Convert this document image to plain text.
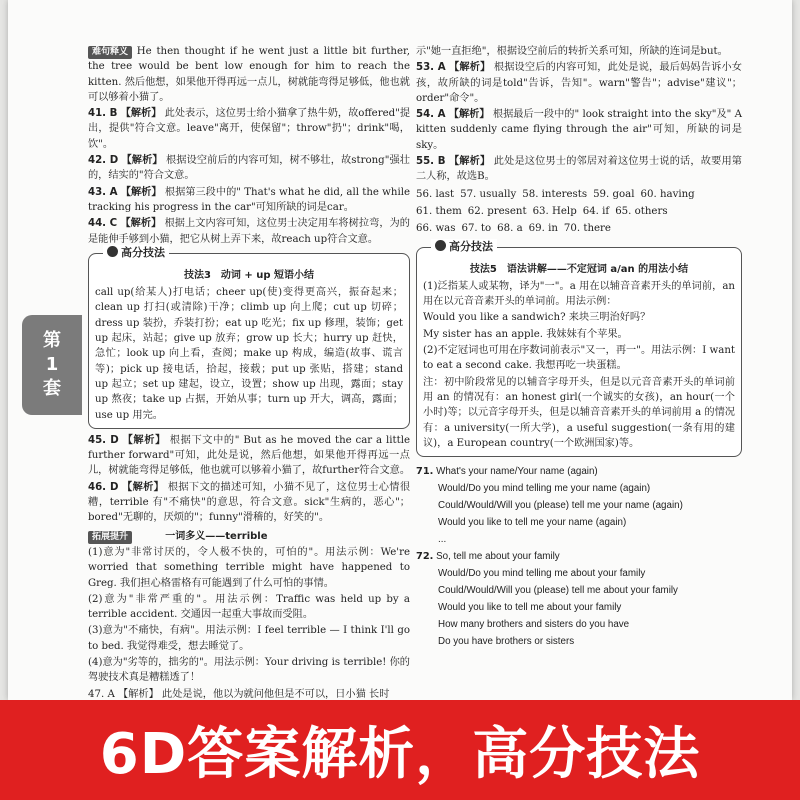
第
1
套

难句释义 He then thought if he went just a little bit further, the tree would be bent low enough for him to reach the kitten. 然后他想，如果他开得再远一点儿，树就能弯得足够低，他也就可以够着小猫了。

41. B 【解析】 此处表示，这位男士给小猫拿了热牛奶，故offered"提出，提供"符合文意。leave"离开，使保留"；throw"扔"；drink"喝，饮"。

42. D 【解析】 根据设空前后的内容可知，树不够壮，故strong"强壮的，结实的"符合文意。

43. A 【解析】 根据第三段中的" That's what he did, all the while tracking his progress in the car"可知所缺的词是car。

44. C 【解析】 根据上文内容可知，这位男士决定用车将树拉弯，为的是能伸手够到小猫，把它从树上弄下来，故reach up符合文意。

高分技法
技法3　动词 + up 短语小结

call up(给某人)打电话；cheer up(使)变得更高兴，振奋起来；clean up 打扫(或清除)干净；climb up 向上爬；cut up 切碎；dress up 装扮，乔装打扮；eat up 吃光；fix up 修理，装饰；get up 起床，站起；give up 放弃；grow up 长大；hurry up 赶快，急忙；look up 向上看，查阅；make up 构成，编造(故事、谎言等)；pick up 接电话，拾起，接载；put up 张贴，搭建；stand up 起立；set up 建起，设立，设置；show up 出现，露面；stay up 熬夜；take up 占据，开始从事；turn up 开大，调高，露面；use up 用完。

45. D 【解析】 根据下文中的" But as he moved the car a little further forward"可知，此处是说，然后他想，如果他开得再远一点儿，树就能弯得足够低，他也就可以够着小猫了，故further符合文意。

46. D 【解析】 根据下文的描述可知，小猫不见了，这位男士心情很糟，terrible 有"不痛快"的意思，符合文意。sick"生病的，恶心"；bored"无聊的，厌烦的"；funny"滑稽的，好笑的"。

拓展提升	一词多义——terrible

(1)意为"非常讨厌的，令人极不快的，可怕的"。用法示例：We're worried that something terrible might have happened to Greg. 我们担心格雷格有可能遇到了什么可怕的事情。

(2)意为"非常严重的"。用法示例：Traffic was held up by a terrible accident. 交通因一起重大事故而受阻。

(3)意为"不痛快，有病"。用法示例：I feel terrible — I think I'll go to bed. 我觉得难受，想去睡觉了。

(4)意为"劣等的，拙劣的"。用法示例：Your driving is terrible! 你的驾驶技术真是糟糕透了！

47. A 【解析】 此处是说，他以为就问他但是不可以，日小猫 长时

示"她一直拒绝"，根据设空前后的转折关系可知，所缺的连词是but。

53. A 【解析】 根据设空后的内容可知，此处是说，最后妈妈告诉小女孩，故所缺的词是told"告诉，告知"。warn"警告"；advise"建议"；order"命令"。

54. A 【解析】 根据最后一段中的" look straight into the sky"及" A kitten suddenly came flying through the air"可知，所缺的词是sky。

55. B 【解析】 此处是这位男士的邻居对着这位男士说的话，故要用第二人称，故选B。

56. last 57. usually 58. interests 59. goal 60. having
61. them 62. present 63. Help 64. if 65. others
66. was 67. to 68. a 69. in 70. there
高分技法
技法5　语法讲解——不定冠词 a/an 的用法小结

(1)泛指某人或某物，译为"一"。a 用在以辅音音素开头的单词前，an用在以元音音素开头的单词前。用法示例：

Would you like a sandwich? 来块三明治好吗？

My sister has an apple. 我妹妹有个苹果。

(2)不定冠词也可用在序数词前表示"又一，再一"。用法示例：I want to eat a second cake. 我想再吃一块蛋糕。

注：初中阶段常见的以辅音字母开头，但是以元音音素开头的单词前用 an 的情况有：an honest girl(一个诚实的女孩)，an hour(一个小时)等；以元音字母开头，但是以辅音音素开头的单词前用 a 的情况有：a university(一所大学)，a useful suggestion(一条有用的建议)，a European country(一个欧洲国家)等。

71. What's your name/Your name (again)
Would/Do you mind telling me your name (again)
Could/Would/Will you (please) tell me your name (again)
Would you like to tell me your name (again)
...
72. So, tell me about your family
Would/Do you mind telling me about your family
Could/Would/Will you (please) tell me about your family
Would you like to tell me about your family
How many brothers and sisters do you have
Do you have brothers or sisters
6D答案解析，高分技法
